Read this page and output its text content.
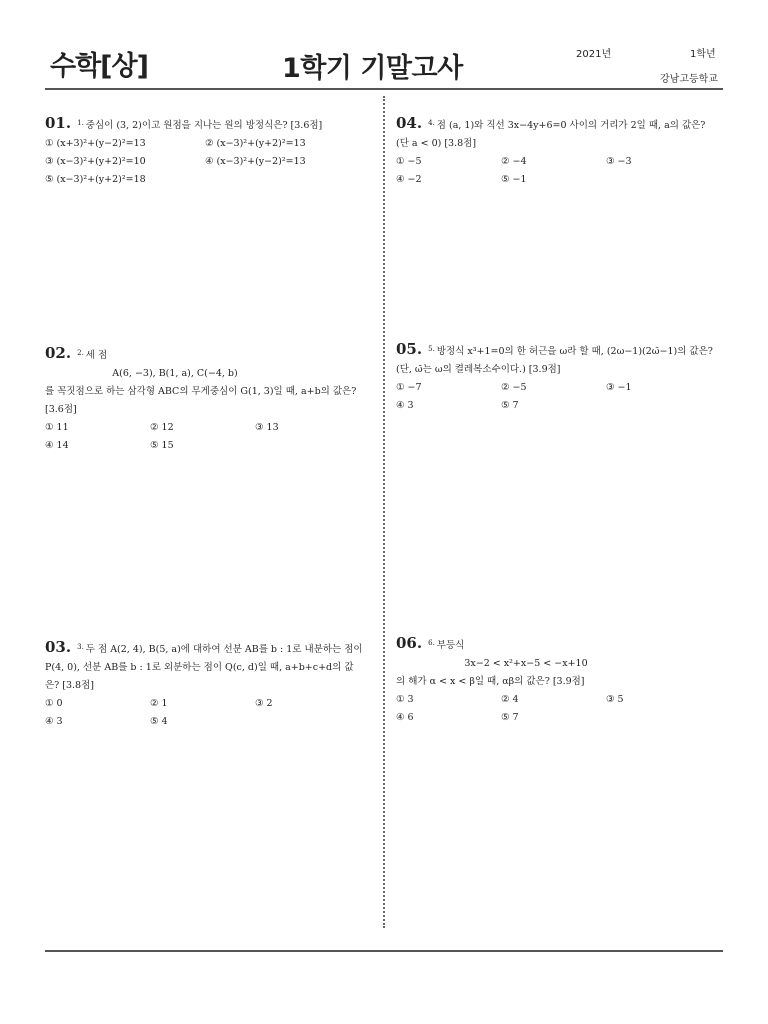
수학[상]	1학기 기말고사	2021년	1학년
강남고등학교
01. $^{1.}$ 중심이 (3, 2)이고 원점을 지나는 원의 방정식은? [3.6점]
① (x+3)²+(y−2)²=13	② (x−3)²+(y+2)²=13
③ (x−3)²+(y+2)²=10	④ (x−3)²+(y−2)²=13
⑤ (x−3)²+(y+2)²=18
02. $^{2.}$ 세 점
A(6, −3), B(1, a), C(−4, b)
를 꼭짓점으로 하는 삼각형 ABC의 무게중심이 G(1, 3)일 때, a+b의 값은? [3.6점]
① 11	② 12	③ 13
④ 14	⑤ 15
03. $^{3.}$ 두 점 A(2, 4), B(5, a)에 대하여 선분 AB를 b : 1로 내분하는 점이 P(4, 0), 선분 AB를 b : 1로 외분하는 점이 Q(c, d)일 때, a+b+c+d의 값은? [3.8점]
① 0	② 1	③ 2
④ 3	⑤ 4
04. $^{4.}$ 점 (a, 1)와 직선 3x−4y+6=0 사이의 거리가 2일 때, a의 값은? (단 a < 0) [3.8점]
① −5	② −4	③ −3
④ −2	⑤ −1
05. $^{5.}$ 방정식 x³+1=0의 한 허근을 ω라 할 때, (2ω−1)(2ω̄−1)의 값은? (단, ω̄는 ω의 켤레복소수이다.) [3.9점]
① −7	② −5	③ −1
④ 3	⑤ 7
06. $^{6.}$ 부등식
3x−2 < x²+x−5 < −x+10
의 해가 α < x < β일 때, αβ의 값은? [3.9점]
① 3	② 4	③ 5
④ 6	⑤ 7
